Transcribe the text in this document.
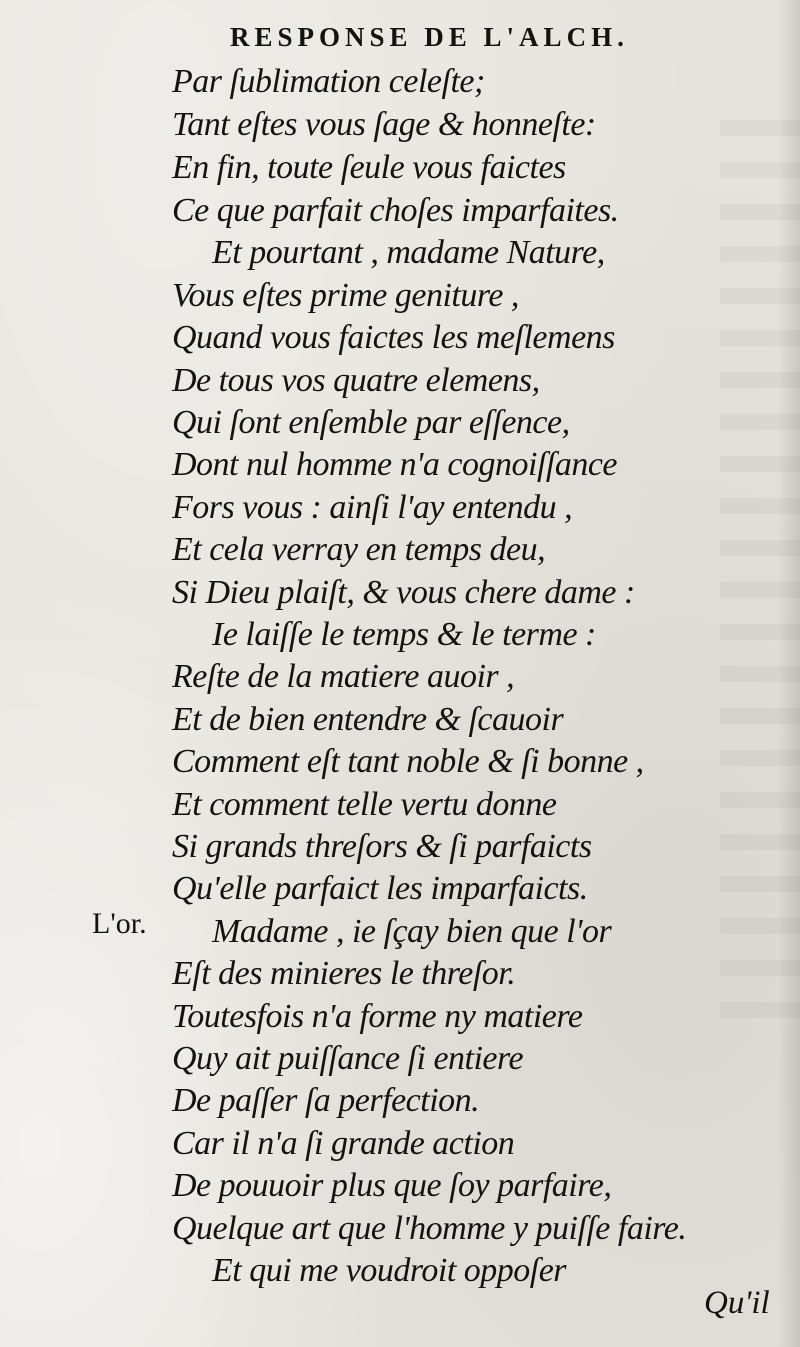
RESPONSE DE L'ALCH.
Par ſublimation celeſte;
Tant eſtes vous ſage & honneſte:
En fin, toute ſeule vous faictes
Ce que parfait choſes imparfaites.
Et pourtant , madame Nature,
Vous eſtes prime geniture ,
Quand vous faictes les meſlemens
De tous vos quatre elemens,
Qui ſont enſemble par eſſence,
Dont nul homme n'a cognoiſſance
Fors vous : ainſi l'ay entendu ,
Et cela verray en temps deu,
Si Dieu plaiſt, & vous chere dame :
Ie laiſſe le temps & le terme :
Reſte de la matiere auoir ,
Et de bien entendre & ſcauoir
Comment eſt tant noble & ſi bonne ,
Et comment telle vertu donne
Si grands threſors & ſi parfaicts
Qu'elle parfaict les imparfaicts.
Madame , ie ſçay bien que l'or
Eſt des minieres le threſor.
Toutesfois n'a forme ny matiere
Quy ait puiſſance ſi entiere
De paſſer ſa perfection.
Car il n'a ſi grande action
De pouuoir plus que ſoy parfaire,
Quelque art que l'homme y puiſſe faire.
Et qui me voudroit oppoſer
L'or.
Qu'il
